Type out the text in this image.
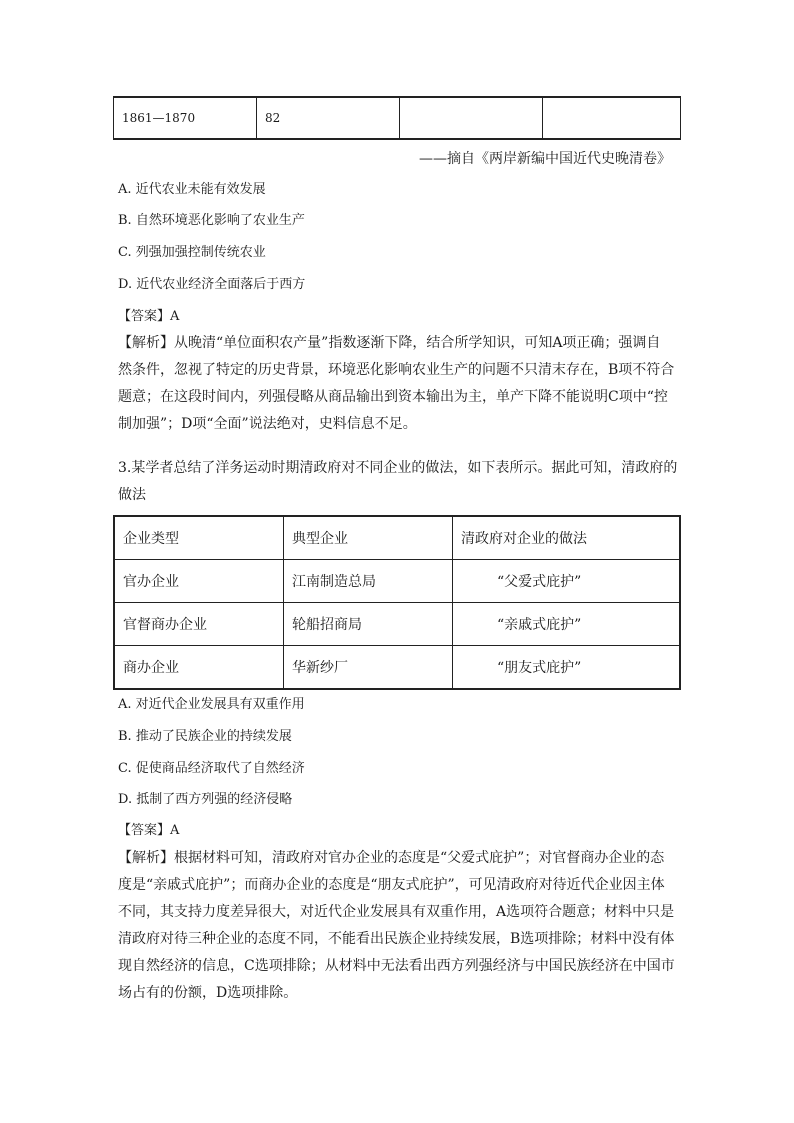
1861—1870	82		
——摘自《两岸新编中国近代史晚清卷》
A. 近代农业未能有效发展
B. 自然环境恶化影响了农业生产
C. 列强加强控制传统农业
D. 近代农业经济全面落后于西方
【答案】A
【解析】从晚清“单位面积农产量”指数逐渐下降，结合所学知识，可知A项正确；强调自
然条件，忽视了特定的历史背景，环境恶化影响农业生产的问题不只清末存在，B项不符合
题意；在这段时间内，列强侵略从商品输出到资本输出为主，单产下降不能说明C项中“控
制加强”；D项“全面”说法绝对，史料信息不足。
3.某学者总结了洋务运动时期清政府对不同企业的做法，如下表所示。据此可知，清政府的
做法
企业类型	典型企业	清政府对企业的做法
官办企业	江南制造总局	“父爱式庇护”
官督商办企业	轮船招商局	“亲戚式庇护”
商办企业	华新纱厂	“朋友式庇护”
A. 对近代企业发展具有双重作用
B. 推动了民族企业的持续发展
C. 促使商品经济取代了自然经济
D. 抵制了西方列强的经济侵略
【答案】A
【解析】根据材料可知，清政府对官办企业的态度是“父爱式庇护”；对官督商办企业的态
度是“亲戚式庇护”；而商办企业的态度是“朋友式庇护”，可见清政府对待近代企业因主体
不同，其支持力度差异很大，对近代企业发展具有双重作用，A选项符合题意；材料中只是
清政府对待三种企业的态度不同，不能看出民族企业持续发展，B选项排除；材料中没有体
现自然经济的信息，C选项排除；从材料中无法看出西方列强经济与中国民族经济在中国市
场占有的份额，D选项排除。
